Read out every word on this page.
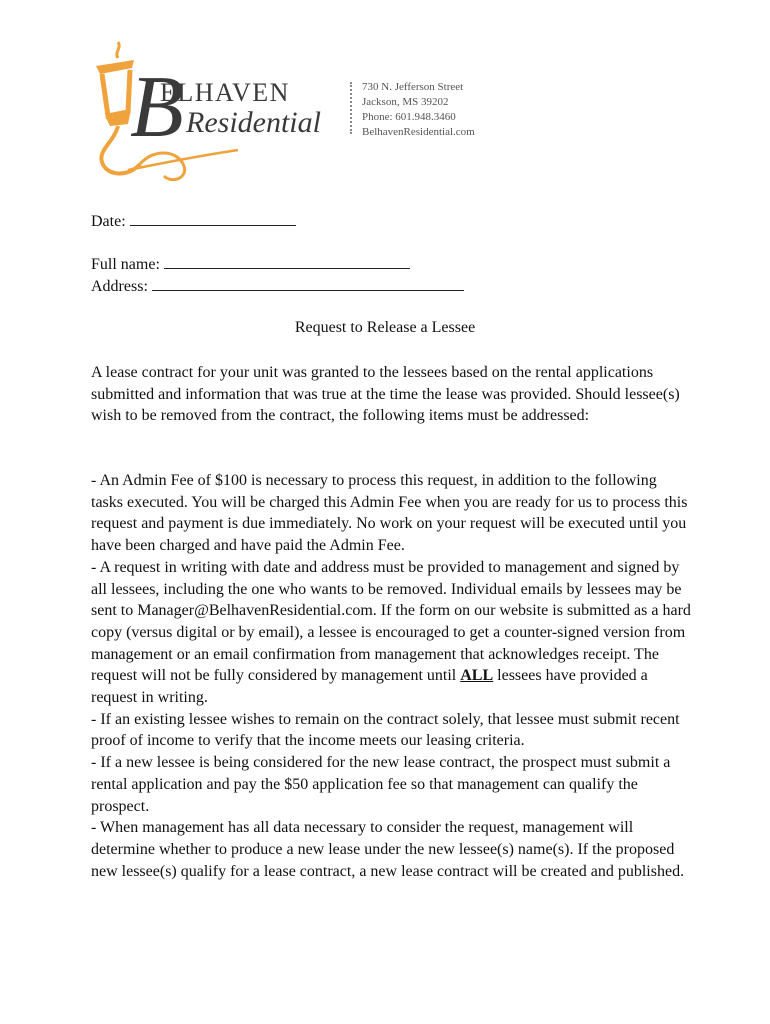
B
ELHAVEN
Residential
730 N. Jefferson Street
Jackson, MS 39202
Phone: 601.948.3460
BelhavenResidential.com
Date:
Full name:
Address:
Request to Release a Lessee

A lease contract for your unit was granted to the lessees based on the rental applications submitted and information that was true at the time the lease was provided. Should lessee(s) wish to be removed from the contract, the following items must be addressed:

- An Admin Fee of $100 is necessary to process this request, in addition to the following tasks executed. You will be charged this Admin Fee when you are ready for us to process this request and payment is due immediately. No work on your request will be executed until you have been charged and have paid the Admin Fee.

- A request in writing with date and address must be provided to management and signed by all lessees, including the one who wants to be removed. Individual emails by lessees may be sent to Manager@BelhavenResidential.com. If the form on our website is submitted as a hard copy (versus digital or by email), a lessee is encouraged to get a counter-signed version from management or an email confirmation from management that acknowledges receipt. The request will not be fully considered by management until ALL lessees have provided a request in writing.

- If an existing lessee wishes to remain on the contract solely, that lessee must submit recent proof of income to verify that the income meets our leasing criteria.

- If a new lessee is being considered for the new lease contract, the prospect must submit a rental application and pay the $50 application fee so that management can qualify the prospect.

- When management has all data necessary to consider the request, management will determine whether to produce a new lease under the new lessee(s) name(s). If the proposed new lessee(s) qualify for a lease contract, a new lease contract will be created and published.
